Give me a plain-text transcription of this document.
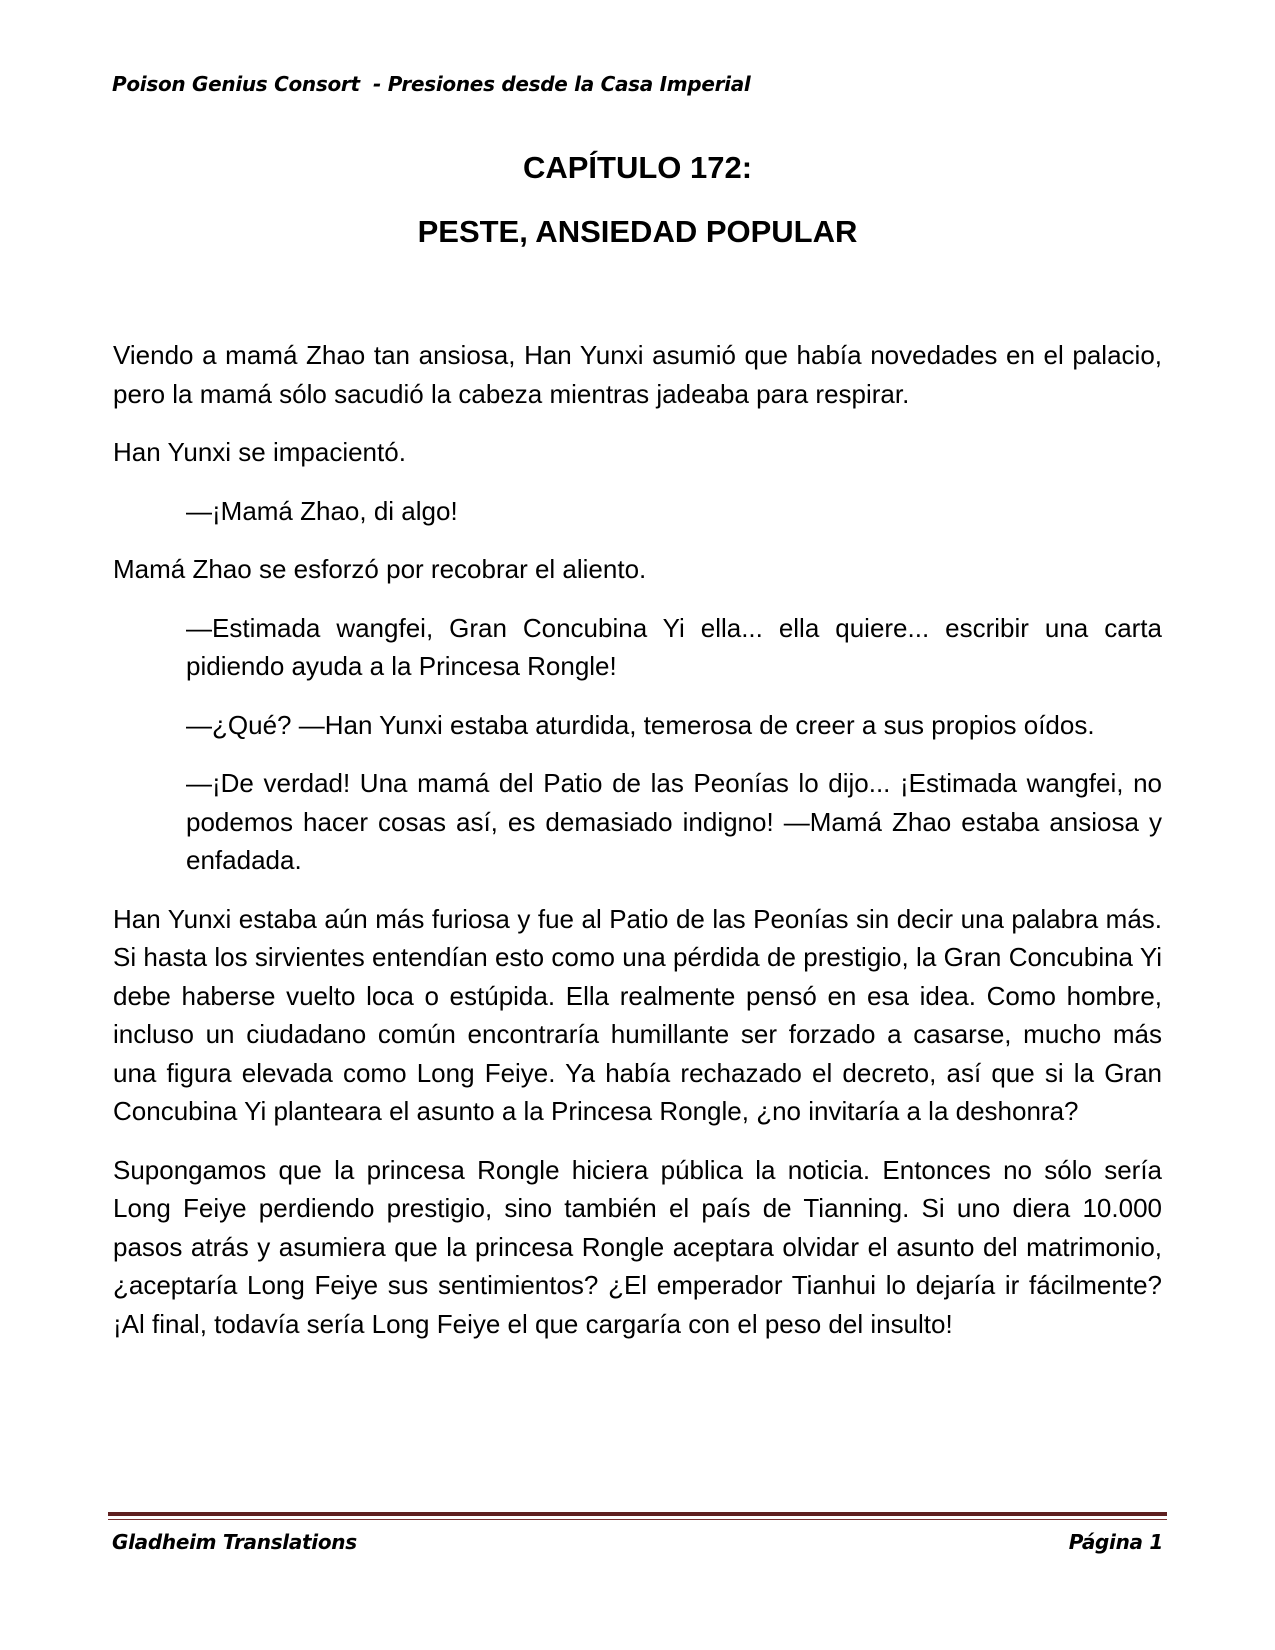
Poison Genius Consort  - Presiones desde la Casa Imperial
CAPÍTULO 172:
PESTE, ANSIEDAD POPULAR

Viendo a mamá Zhao tan ansiosa, Han Yunxi asumió que había novedades en el palacio, pero la mamá sólo sacudió la cabeza mientras jadeaba para respirar.

Han Yunxi se impacientó.

—¡Mamá Zhao, di algo!

Mamá Zhao se esforzó por recobrar el aliento.

—Estimada wangfei, Gran Concubina Yi ella... ella quiere... escribir una carta pidiendo ayuda a la Princesa Rongle!

—¿Qué? —Han Yunxi estaba aturdida, temerosa de creer a sus propios oídos.

—¡De verdad! Una mamá del Patio de las Peonías lo dijo... ¡Estimada wangfei, no podemos hacer cosas así, es demasiado indigno! —Mamá Zhao estaba ansiosa y enfadada.

Han Yunxi estaba aún más furiosa y fue al Patio de las Peonías sin decir una palabra más. Si hasta los sirvientes entendían esto como una pérdida de prestigio, la Gran Concubina Yi debe haberse vuelto loca o estúpida. Ella realmente pensó en esa idea. Como hombre, incluso un ciudadano común encontraría humillante ser forzado a casarse, mucho más una figura elevada como Long Feiye. Ya había rechazado el decreto, así que si la Gran Concubina Yi planteara el asunto a la Princesa Rongle, ¿no invitaría a la deshonra?

Supongamos que la princesa Rongle hiciera pública la noticia. Entonces no sólo sería Long Feiye perdiendo prestigio, sino también el país de Tianning. Si uno diera 10.000 pasos atrás y asumiera que la princesa Rongle aceptara olvidar el asunto del matrimonio, ¿aceptaría Long Feiye sus sentimientos? ¿El emperador Tianhui lo dejaría ir fácilmente? ¡Al final, todavía sería Long Feiye el que cargaría con el peso del insulto!

Gladheim Translations	Página 1
